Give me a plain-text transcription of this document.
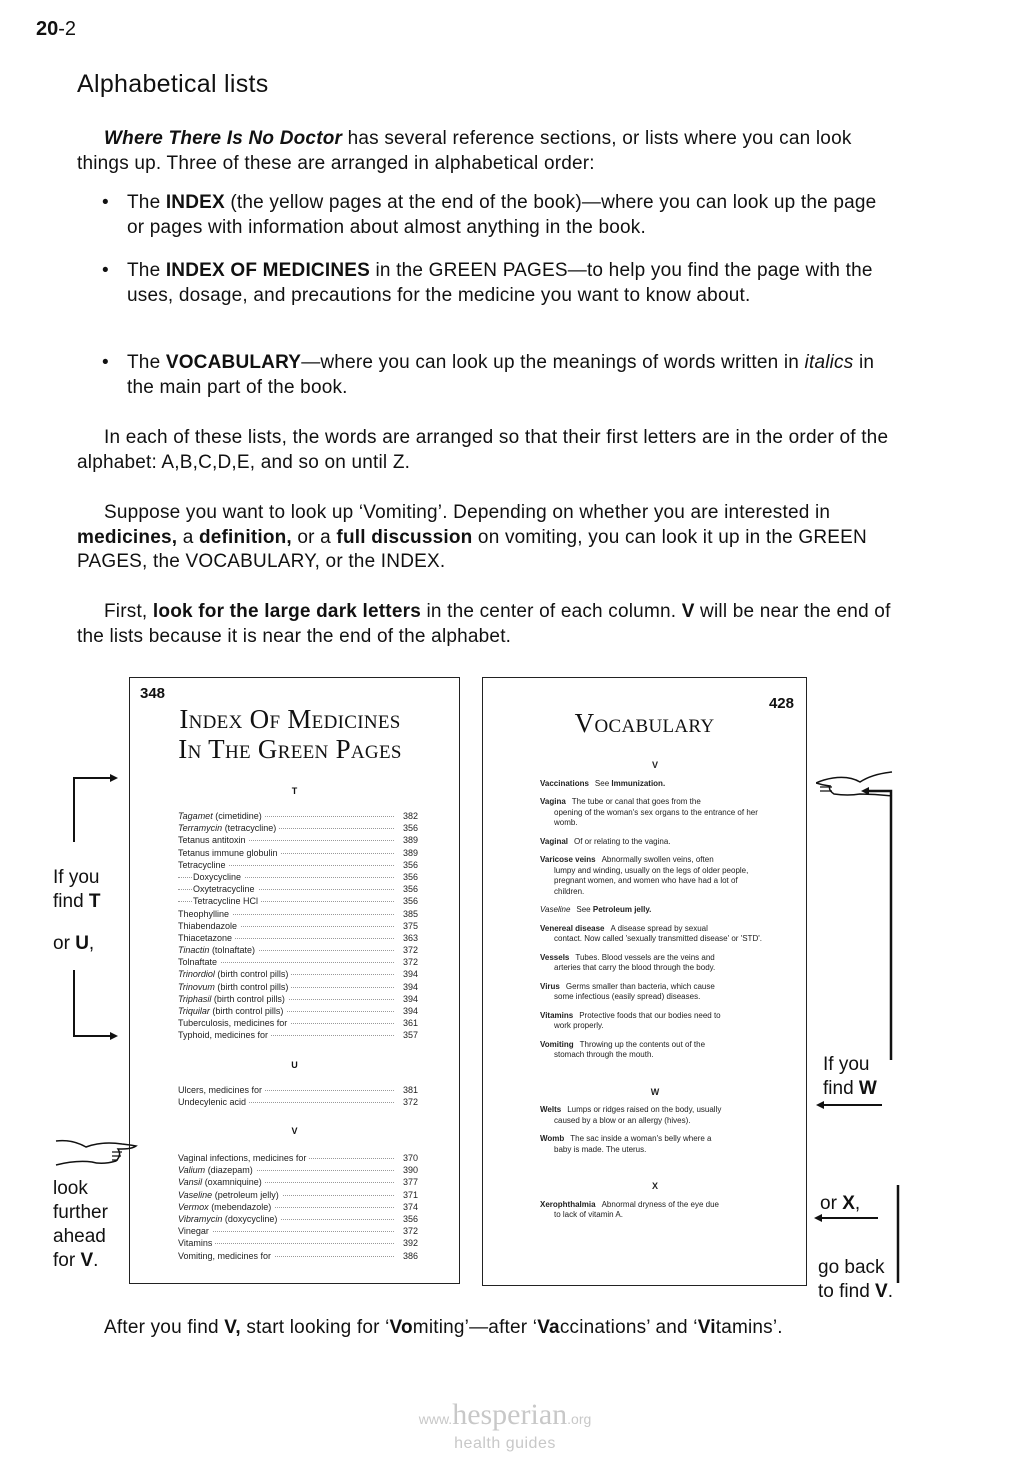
20-2
Alphabetical lists
Where There Is No Doctor has several reference sections, or lists where you can look things up. Three of these are arranged in alphabetical order:
• The INDEX (the yellow pages at the end of the book)—where you can look up the page or pages with information about almost anything in the book.
• The INDEX OF MEDICINES in the GREEN PAGES—to help you find the page with the uses, dosage, and precautions for the medicine you want to know about.
• The VOCABULARY—where you can look up the meanings of words written in italics in the main part of the book.
In each of these lists, the words are arranged so that their first letters are in the order of the alphabet: A,B,C,D,E, and so on until Z.
Suppose you want to look up ‘Vomiting’. Depending on whether you are interested in medicines, a definition, or a full discussion on vomiting, you can look it up in the GREEN PAGES, the VOCABULARY, or the INDEX.
First, look for the large dark letters in the center of each column. V will be near the end of the lists because it is near the end of the alphabet.
348
Index Of Medicines
In The Green Pages
T
Tagamet (cimetidine)	382
Terramycin (tetracycline)	356
Tetanus antitoxin	389
Tetanus immune globulin	389
Tetracycline	356
Doxycycline	356
Oxytetracycline	356
Tetracycline HCl	356
Theophylline	385
Thiabendazole	375
Thiacetazone	363
Tinactin (tolnaftate)	372
Tolnaftate	372
Trinordiol (birth control pills)	394
Trinovum (birth control pills)	394
Triphasil (birth control pills)	394
Triquilar (birth control pills)	394
Tuberculosis, medicines for	361
Typhoid, medicines for	357
U
Ulcers, medicines for	381
Undecylenic acid	372
V
Vaginal infections, medicines for	370
Valium (diazepam)	390
Vansil (oxamniquine)	377
Vaseline (petroleum jelly)	371
Vermox (mebendazole)	374
Vibramycin (doxycycline)	356
Vinegar	372
Vitamins	392
Vomiting, medicines for	386
428
Vocabulary
V
Vaccinations See Immunization.
Vagina The tube or canal that goes from the
opening of the woman's sex organs to the entrance of her womb.
Vaginal Of or relating to the vagina.
Varicose veins Abnormally swollen veins, often
lumpy and winding, usually on the legs of older people, pregnant women, and women who have had a lot of children.
Vaseline See Petroleum jelly.
Venereal disease A disease spread by sexual
contact. Now called 'sexually transmitted disease' or 'STD'.
Vessels Tubes. Blood vessels are the veins and
arteries that carry the blood through the body.
Virus Germs smaller than bacteria, which cause
some infectious (easily spread) diseases.
Vitamins Protective foods that our bodies need to
work properly.
Vomiting Throwing up the contents out of the
stomach through the mouth.
W
Welts Lumps or ridges raised on the body, usually
caused by a blow or an allergy (hives).
Womb The sac inside a woman's belly where a
baby is made. The uterus.
X
Xerophthalmia Abnormal dryness of the eye due
to lack of vitamin A.
If you
find T
or U,
look
further
ahead
for V.
If you
find W
or X,
go back
to find V.
After you find V, start looking for ‘Vomiting’—after ‘Vaccinations’ and ‘Vitamins’.
www.hesperian.org
health guides
